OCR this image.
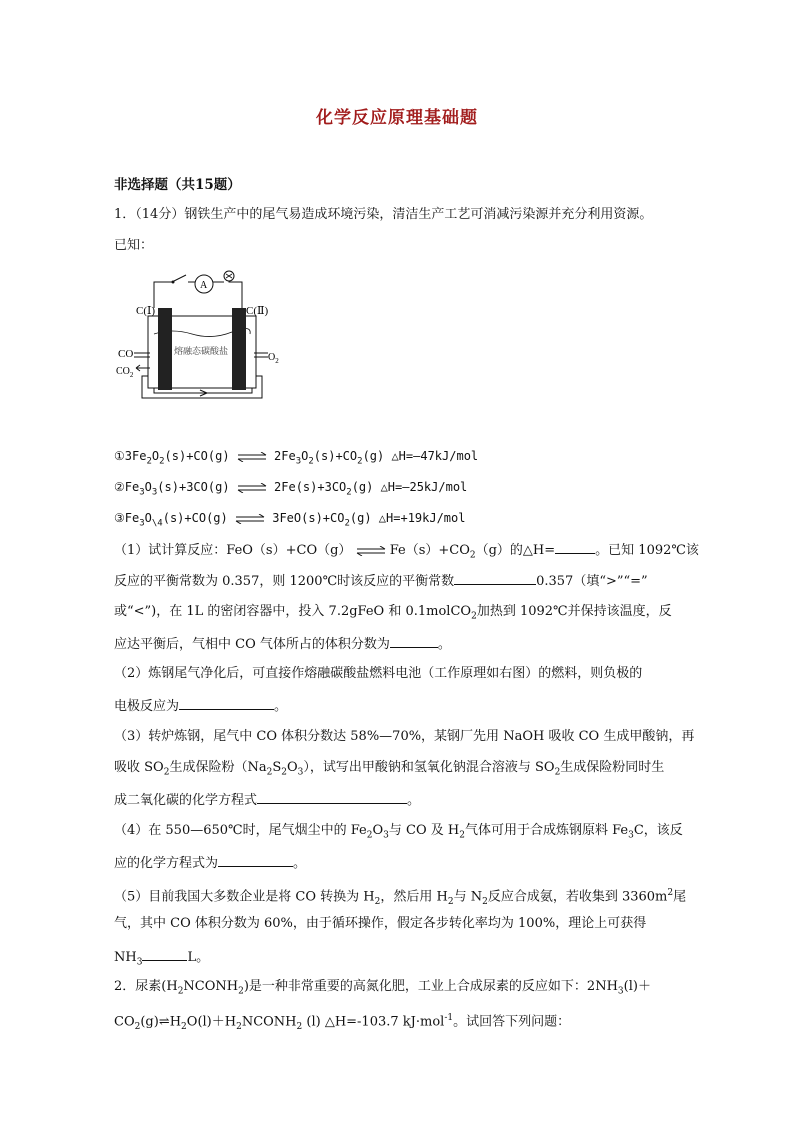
化学反应原理基础题
非选择题（共15题）
1．（14分）钢铁生产中的尾气易造成环境污染，清洁生产工艺可消减污染源并充分利用资源。
已知：
A
C(Ⅰ)	C(Ⅱ)
熔融态碳酸盐
CO
$CO_2$
$O_2$
$①3Fe_2O_2(s)+CO(g)$ ⇌ $2Fe_3O_2(s)+CO_2(g)$ △H=—47kJ/mol
$②Fe_3O_3(s)+3CO(g)$ ⇌ $2Fe(s)+3CO_2(g)$ △H=—25kJ/mol
$③Fe_3O_{\backslash 4}(s)+CO(g)$ ⇌ $3FeO(s)+CO_2(g)$ △H=+19kJ/mol
（1）试计算反应：FeO（s）+CO（g） ⇌ $Fe(s)+CO_2(g)$的△H=	。已知 1092℃该
反应的平衡常数为 0.357，则 1200℃时该反应的平衡常数	0.357（填“>”“=”
或“<”)，在 1L 的密闭容器中，投入 7.2gFeO 和 0.1molCO$_2$加热到 1092℃并保持该温度，反
应达平衡后，气相中 CO 气体所占的体积分数为	。
（2）炼钢尾气净化后，可直接作熔融碳酸盐燃料电池（工作原理如右图）的燃料，则负极的
电极反应为	。
（3）转炉炼钢，尾气中 CO 体积分数达 58%—70%，某钢厂先用 NaOH 吸收 CO 生成甲酸钠，再
吸收 $SO_2$生成保险粉$(Na_2S_2O_3)$，试写出甲酸钠和氢氧化钠混合溶液与 $SO_2$生成保险粉同时生
成二氧化碳的化学方程式	。
（4）在 550—650℃时，尾气烟尘中的 $Fe_2O_3$与 CO 及 $H_2$气体可用于合成炼钢原料 $Fe_3C$，该反
应的化学方程式为	。
（5）目前我国大多数企业是将 CO 转换为 $H_2$，然后用 $H_2$与 $N_2$反应合成氨，若收集到 $3360m^2$尾
气，其中 CO 体积分数为 60%，由于循环操作，假定各步转化率均为 100%，理论上可获得
$NH_3$	L。
2．尿素$(H_2NCONH_2)$是一种非常重要的高氮化肥，工业上合成尿素的反应如下：$2NH_3(l)+$
$CO_2(g)\rightleftharpoons H_2O(l)+H_2NCONH_2$ (l) △H=-103.7 kJ·mol$^{-1}$。试回答下列问题：
